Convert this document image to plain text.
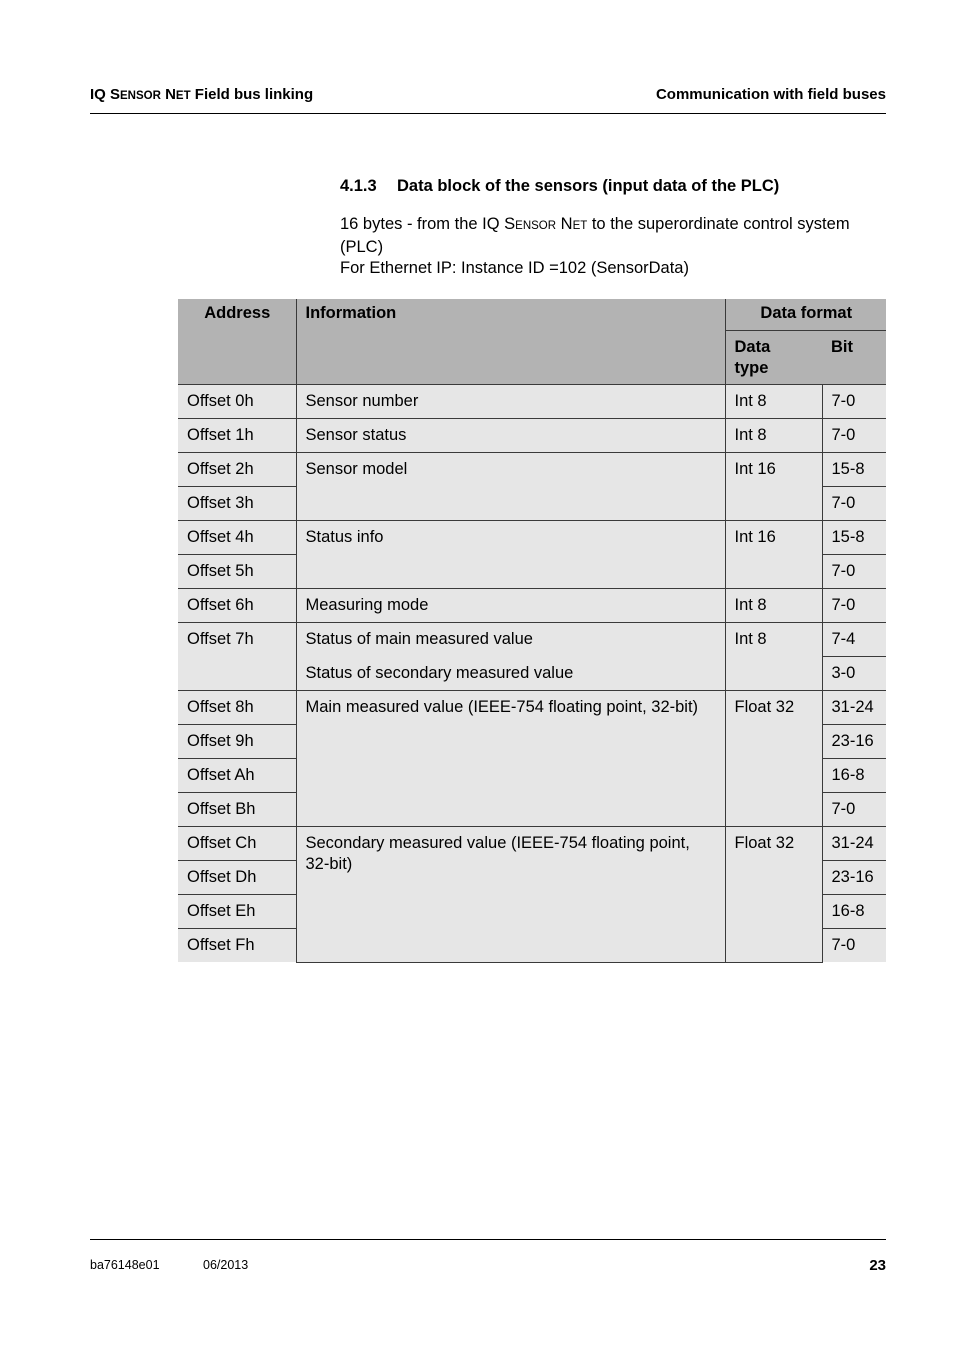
IQ SENSOR NET Field bus linking	Communication with field buses
4.1.3 Data block of the sensors (input data of the PLC)

16 bytes - from the IQ SENSOR NET to the superordinate control system (PLC)

For Ethernet IP: Instance ID =102 (SensorData)

Address	Information	Data format	
		Data type	Bit
Offset 0h	Sensor number	Int 8	7-0
Offset 1h	Sensor status	Int 8	7-0
Offset 2h	Sensor model	Int 16	15-8
Offset 3h			7-0
Offset 4h	Status info	Int 16	15-8
Offset 5h			7-0
Offset 6h	Measuring mode	Int 8	7-0
Offset 7h	Status of main measured value	Int 8	7-4
	Status of secondary measured value		3-0
Offset 8h	Main measured value (IEEE-754 floating point, 32-bit)	Float 32	31-24
Offset 9h			23-16
Offset Ah			16-8
Offset Bh			7-0
Offset Ch	Secondary measured value (IEEE-754 floating point, 32-bit)	Float 32	31-24
Offset Dh			23-16
Offset Eh			16-8
Offset Fh			7-0
ba76148e01	06/2013	23
